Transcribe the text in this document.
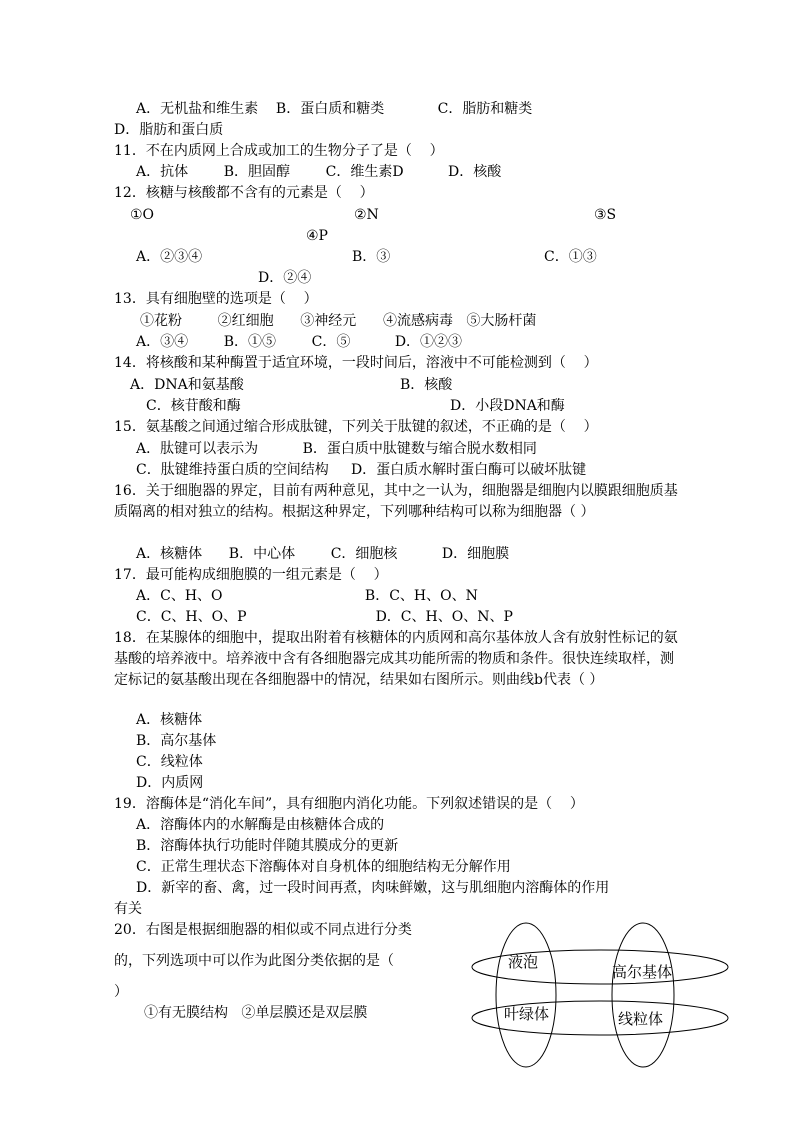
A．无机盐和维生素    B．蛋白质和糖类            C．脂肪和糖类
D．脂肪和蛋白质
11．不在内质网上合成或加工的生物分子了是（    ）
A．抗体        B．胆固醇        C．维生素D          D．核酸
12．核糖与核酸都不含有的元素是（    ）
①O	②N	③S
④P
A．②③④	B．③	C．①③
D．②④
13．具有细胞壁的选项是（    ）
①花粉        ②红细胞      ③神经元      ④流感病毒   ⑤大肠杆菌
A．③④        B．①⑤        C．⑤          D．①②③
14．将核酸和某种酶置于适宜环境，一段时间后，溶液中不可能检测到（    ）
A．DNA和氨基酸	B．核酸
C．核苷酸和酶	D．小段DNA和酶
15．氨基酸之间通过缩合形成肽键，下列关于肽键的叙述，不正确的是（    ）
A．肽键可以表示为          B．蛋白质中肽键数与缩合脱水数相同
C．肽键维持蛋白质的空间结构     D．蛋白质水解时蛋白酶可以破坏肽键
16．关于细胞器的界定，目前有两种意见，其中之一认为，细胞器是细胞内以膜跟细胞质基质隔离的相对独立的结构。根据这种界定，下列哪种结构可以称为细胞器（ ）
A．核糖体      B．中心体        C．细胞核          D．细胞膜
17．最可能构成细胞膜的一组元素是（    ）
A．C、H、O                                B．C、H、O、N
C．C、H、O、P                             D．C、H、O、N、P
18．在某腺体的细胞中，提取出附着有核糖体的内质网和高尔基体放人含有放射性标记的氨基酸的培养液中。培养液中含有各细胞器完成其功能所需的物质和条件。很快连续取样，测定标记的氨基酸出现在各细胞器中的情况，结果如右图所示。则曲线b代表（ ）
A．核糖体
B．高尔基体
C．线粒体
D．内质网
19．溶酶体是“消化车间”，具有细胞内消化功能。下列叙述错误的是（    ）
A．溶酶体内的水解酶是由核糖体合成的
B．溶酶体执行功能时伴随其膜成分的更新
C．正常生理状态下溶酶体对自身机体的细胞结构无分解作用
D．新宰的畜、禽，过一段时间再煮，肉味鲜嫩，这与肌细胞内溶酶体的作用
有关
20．右图是根据细胞器的相似或不同点进行分类
的，下列选项中可以作为此图分类依据的是（
）
①有无膜结构   ②单层膜还是双层膜
液泡
高尔基体
叶绿体	线粒体
